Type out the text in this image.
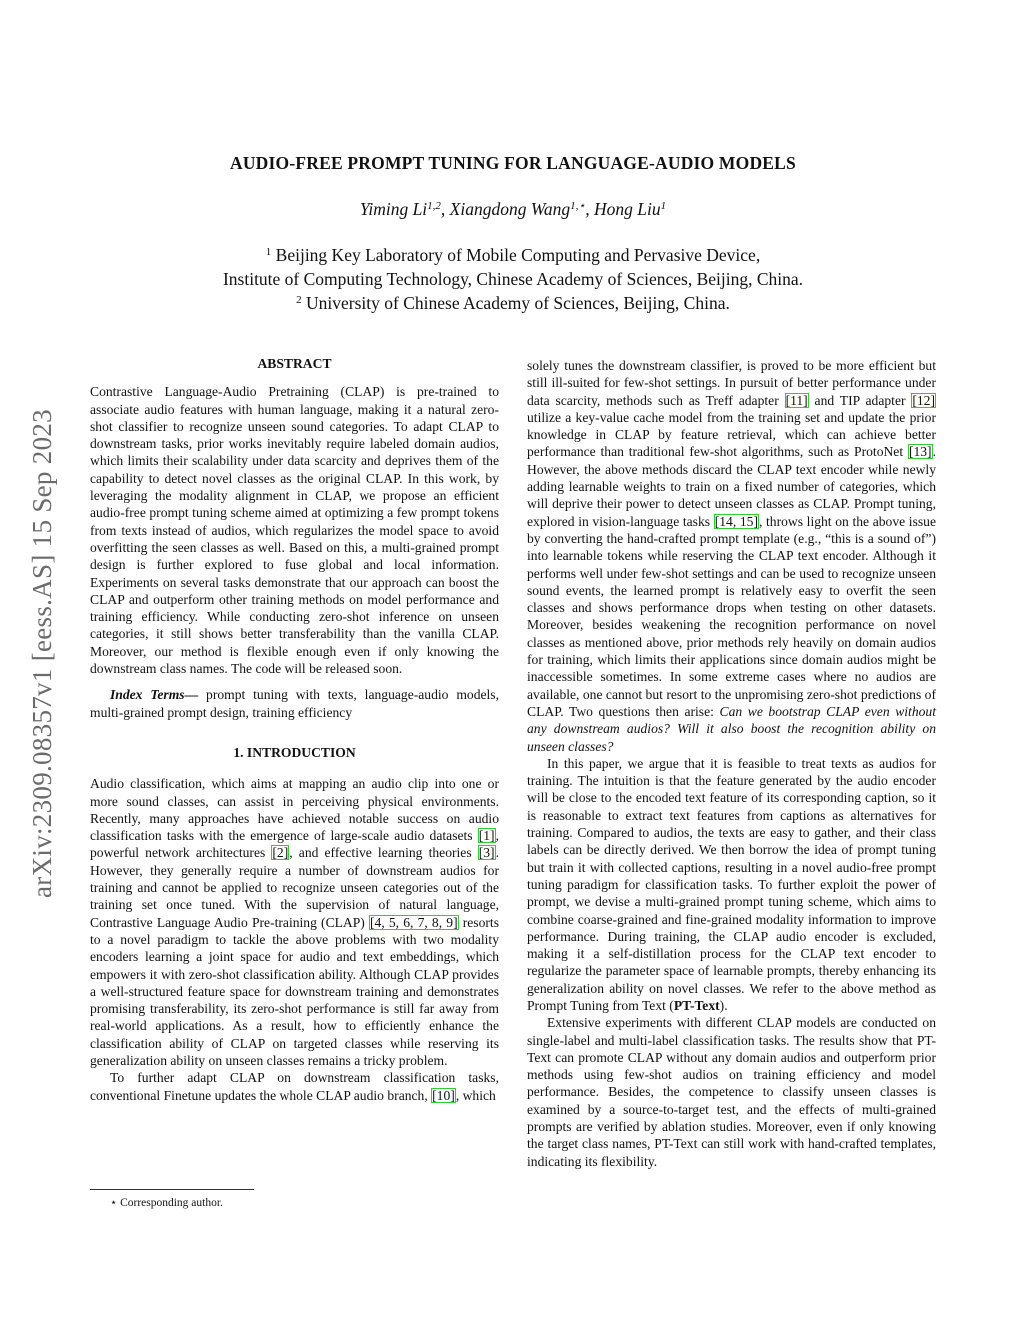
arXiv:2309.08357v1 [eess.AS] 15 Sep 2023
AUDIO-FREE PROMPT TUNING FOR LANGUAGE-AUDIO MODELS
Yiming Li$^{1,2}$, Xiangdong Wang$^{1,⋆}$, Hong Liu$^1$
$^1$ Beijing Key Laboratory of Mobile Computing and Pervasive Device,
Institute of Computing Technology, Chinese Academy of Sciences, Beijing, China.
$^2$ University of Chinese Academy of Sciences, Beijing, China.
ABSTRACT

Contrastive Language-Audio Pretraining (CLAP) is pre-trained to associate audio features with human language, making it a natural zero-shot classifier to recognize unseen sound categories. To adapt CLAP to downstream tasks, prior works inevitably require labeled domain audios, which limits their scalability under data scarcity and deprives them of the capability to detect novel classes as the original CLAP. In this work, by leveraging the modality alignment in CLAP, we propose an efficient audio-free prompt tuning scheme aimed at optimizing a few prompt tokens from texts instead of audios, which regularizes the model space to avoid overfitting the seen classes as well. Based on this, a multi-grained prompt design is further explored to fuse global and local information. Experiments on several tasks demonstrate that our approach can boost the CLAP and outperform other training methods on model performance and training efficiency. While conducting zero-shot inference on unseen categories, it still shows better transferability than the vanilla CLAP. Moreover, our method is flexible enough even if only knowing the downstream class names. The code will be released soon.

Index Terms— prompt tuning with texts, language-audio models, multi-grained prompt design, training efficiency

1. INTRODUCTION

Audio classification, which aims at mapping an audio clip into one or more sound classes, can assist in perceiving physical environments. Recently, many approaches have achieved notable success on audio classification tasks with the emergence of large-scale audio datasets [1], powerful network architectures [2], and effective learning theories [3]. However, they generally require a number of downstream audios for training and cannot be applied to recognize unseen categories out of the training set once tuned. With the supervision of natural language, Contrastive Language Audio Pre-training (CLAP) [4, 5, 6, 7, 8, 9] resorts to a novel paradigm to tackle the above problems with two modality encoders learning a joint space for audio and text embeddings, which empowers it with zero-shot classification ability. Although CLAP provides a well-structured feature space for downstream training and demonstrates promising transferability, its zero-shot performance is still far away from real-world applications. As a result, how to efficiently enhance the classification ability of CLAP on targeted classes while reserving its generalization ability on unseen classes remains a tricky problem.

To further adapt CLAP on downstream classification tasks, conventional Finetune updates the whole CLAP audio branch, [10], which

solely tunes the downstream classifier, is proved to be more efficient but still ill-suited for few-shot settings. In pursuit of better performance under data scarcity, methods such as Treff adapter [11] and TIP adapter [12] utilize a key-value cache model from the training set and update the prior knowledge in CLAP by feature retrieval, which can achieve better performance than traditional few-shot algorithms, such as ProtoNet [13]. However, the above methods discard the CLAP text encoder while newly adding learnable weights to train on a fixed number of categories, which will deprive their power to detect unseen classes as CLAP. Prompt tuning, explored in vision-language tasks [14, 15], throws light on the above issue by converting the hand-crafted prompt template (e.g., “this is a sound of”) into learnable tokens while reserving the CLAP text encoder. Although it performs well under few-shot settings and can be used to recognize unseen sound events, the learned prompt is relatively easy to overfit the seen classes and shows performance drops when testing on other datasets. Moreover, besides weakening the recognition performance on novel classes as mentioned above, prior methods rely heavily on domain audios for training, which limits their applications since domain audios might be inaccessible sometimes. In some extreme cases where no audios are available, one cannot but resort to the unpromising zero-shot predictions of CLAP. Two questions then arise: Can we bootstrap CLAP even without any downstream audios? Will it also boost the recognition ability on unseen classes?

In this paper, we argue that it is feasible to treat texts as audios for training. The intuition is that the feature generated by the audio encoder will be close to the encoded text feature of its corresponding caption, so it is reasonable to extract text features from captions as alternatives for training. Compared to audios, the texts are easy to gather, and their class labels can be directly derived. We then borrow the idea of prompt tuning but train it with collected captions, resulting in a novel audio-free prompt tuning paradigm for classification tasks. To further exploit the power of prompt, we devise a multi-grained prompt tuning scheme, which aims to combine coarse-grained and fine-grained modality information to improve performance. During training, the CLAP audio encoder is excluded, making it a self-distillation process for the CLAP text encoder to regularize the parameter space of learnable prompts, thereby enhancing its generalization ability on novel classes. We refer to the above method as Prompt Tuning from Text (PT-Text).

Extensive experiments with different CLAP models are conducted on single-label and multi-label classification tasks. The results show that PT-Text can promote CLAP without any domain audios and outperform prior methods using few-shot audios on training efficiency and model performance. Besides, the competence to classify unseen classes is examined by a source-to-target test, and the effects of multi-grained prompts are verified by ablation studies. Moreover, even if only knowing the target class names, PT-Text can still work with hand-crafted templates, indicating its flexibility.

⋆ Corresponding author.
